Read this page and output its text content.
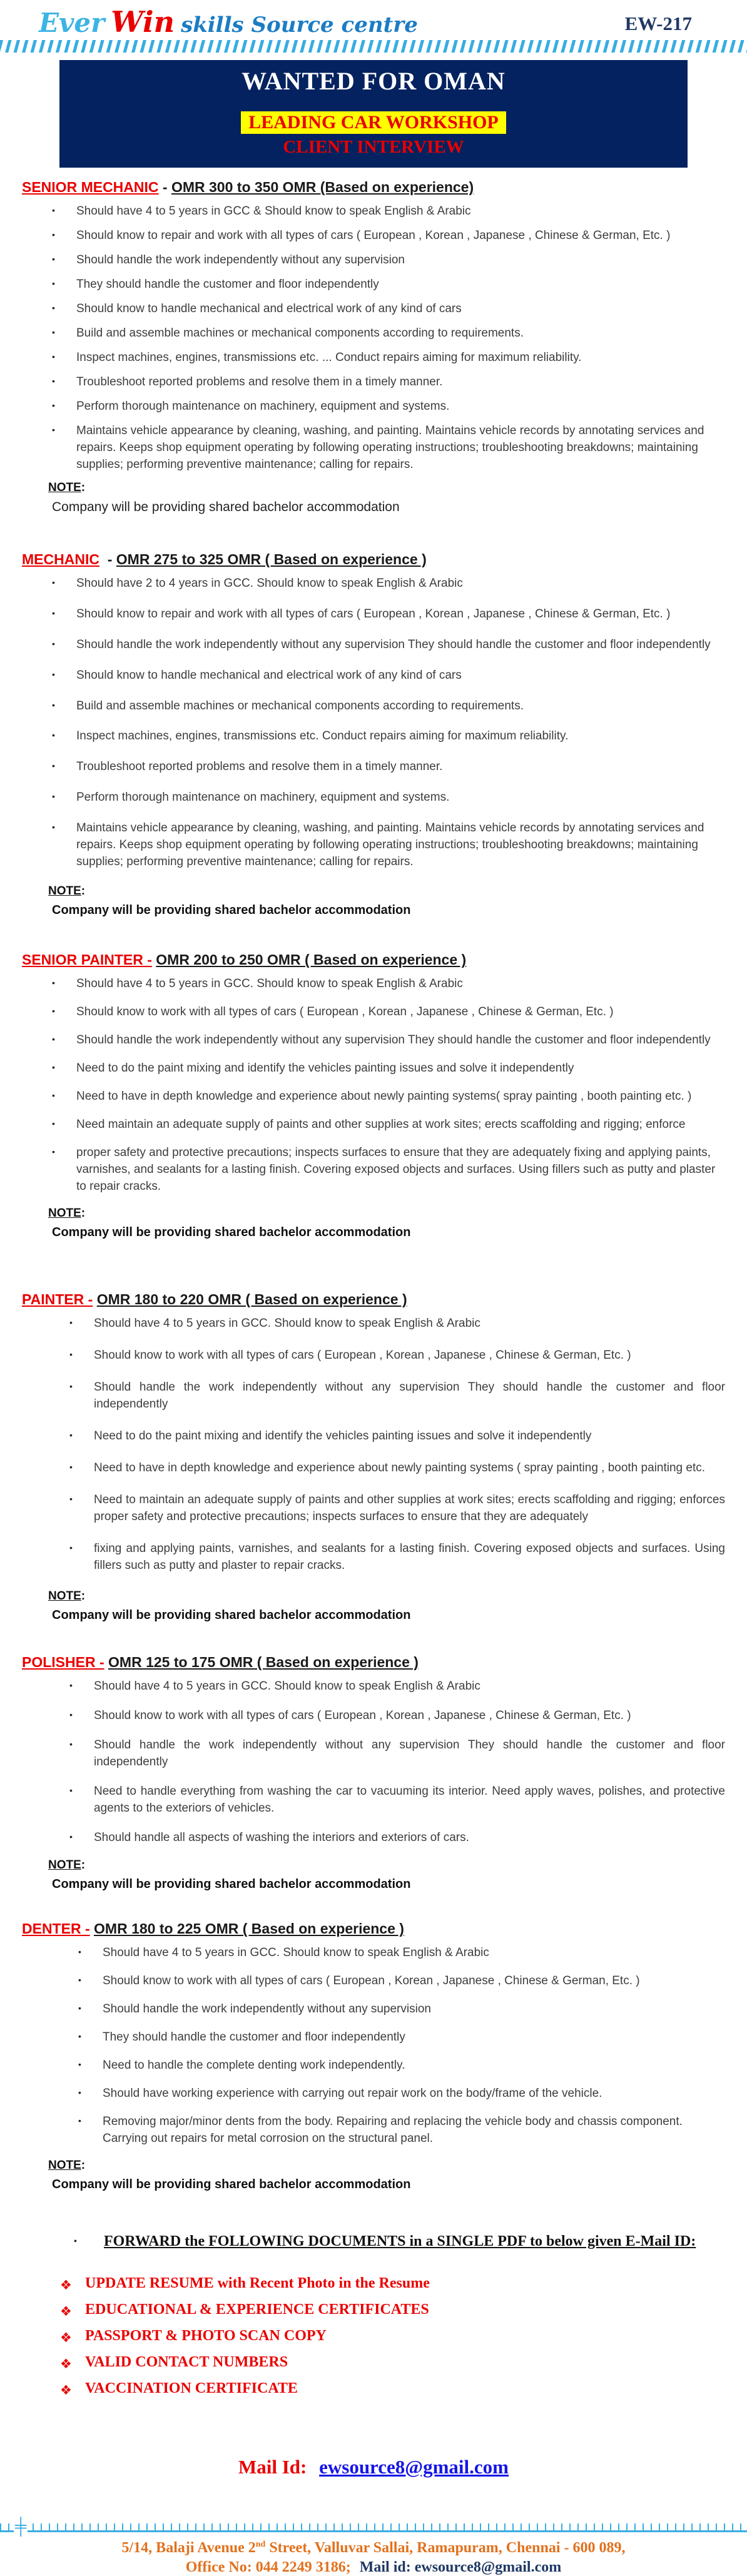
Ever Win skills Source centre	EW-217
WANTED FOR OMAN

LEADING CAR WORKSHOP
CLIENT INTERVIEW
SENIOR MECHANIC - OMR 300 to 350 OMR (Based on experience)
•	Should have 4 to 5 years in GCC & Should know to speak English & Arabic

•	Should know to repair and work with all types of cars ( European , Korean , Japanese , Chinese & German, Etc. )

•	Should handle the work independently without any supervision

•	They should handle the customer and floor independently

•	Should know to handle mechanical and electrical work of any kind of cars

•	Build and assemble machines or mechanical components according to requirements.

•	Inspect machines, engines, transmissions etc. ... Conduct repairs aiming for maximum reliability.

•	Troubleshoot reported problems and resolve them in a timely manner.

•	Perform thorough maintenance on machinery, equipment and systems.

•	Maintains vehicle appearance by cleaning, washing, and painting. Maintains vehicle records by annotating services and repairs. Keeps shop equipment operating by following operating instructions; troubleshooting breakdowns; maintaining supplies; performing preventive maintenance; calling for repairs.

NOTE:

Company will be providing shared bachelor accommodation

MECHANIC  - OMR 275 to 325 OMR ( Based on experience )
•	Should have 2 to 4 years in GCC. Should know to speak English & Arabic

•	Should know to repair and work with all types of cars ( European , Korean , Japanese , Chinese & German, Etc. )

•	Should handle the work independently without any supervision They should handle the customer and floor independently

•	Should know to handle mechanical and electrical work of any kind of cars

•	Build and assemble machines or mechanical components according to requirements.

•	Inspect machines, engines, transmissions etc. Conduct repairs aiming for maximum reliability.

•	Troubleshoot reported problems and resolve them in a timely manner.

•	Perform thorough maintenance on machinery, equipment and systems.

•	Maintains vehicle appearance by cleaning, washing, and painting. Maintains vehicle records by annotating services and repairs. Keeps shop equipment operating by following operating instructions; troubleshooting breakdowns; maintaining supplies; performing preventive maintenance; calling for repairs.

NOTE:

Company will be providing shared bachelor accommodation

SENIOR PAINTER - OMR 200 to 250 OMR ( Based on experience )
•	Should have 4 to 5 years in GCC. Should know to speak English & Arabic

•	Should know to work with all types of cars ( European , Korean , Japanese , Chinese & German, Etc. )

•	Should handle the work independently without any supervision They should handle the customer and floor independently

•	Need to do the paint mixing and identify the vehicles painting issues and solve it independently

•	Need to have in depth knowledge and experience about newly painting systems( spray painting , booth painting etc. )

•	Need maintain an adequate supply of paints and other supplies at work sites; erects scaffolding and rigging; enforce

•	proper safety and protective precautions; inspects surfaces to ensure that they are adequately fixing and applying paints, varnishes, and sealants for a lasting finish. Covering exposed objects and surfaces. Using fillers such as putty and plaster to repair cracks.

NOTE:

Company will be providing shared bachelor accommodation

PAINTER - OMR 180 to 220 OMR ( Based on experience )
•	Should have 4 to 5 years in GCC. Should know to speak English & Arabic

•	Should know to work with all types of cars ( European , Korean , Japanese , Chinese & German, Etc. )

•	Should handle the work independently without any supervision They should handle the customer and floor independently

•	Need to do the paint mixing and identify the vehicles painting issues and solve it independently

•	Need to have in depth knowledge and experience about newly painting systems ( spray painting , booth painting etc.

•	Need to maintain an adequate supply of paints and other supplies at work sites; erects scaffolding and rigging; enforces proper safety and protective precautions; inspects surfaces to ensure that they are adequately

•	fixing and applying paints, varnishes, and sealants for a lasting finish. Covering exposed objects and surfaces. Using fillers such as putty and plaster to repair cracks.

NOTE:

Company will be providing shared bachelor accommodation

POLISHER - OMR 125 to 175 OMR ( Based on experience )
•	Should have 4 to 5 years in GCC. Should know to speak English & Arabic

•	Should know to work with all types of cars ( European , Korean , Japanese , Chinese & German, Etc. )

•	Should handle the work independently without any supervision They should handle the customer and floor independently

•	Need to handle everything from washing the car to vacuuming its interior. Need apply waves, polishes, and protective agents to the exteriors of vehicles.

•	Should handle all aspects of washing the interiors and exteriors of cars.

NOTE:

Company will be providing shared bachelor accommodation

DENTER - OMR 180 to 225 OMR ( Based on experience )
•	Should have 4 to 5 years in GCC. Should know to speak English & Arabic

•	Should know to work with all types of cars ( European , Korean , Japanese , Chinese & German, Etc. )

•	Should handle the work independently without any supervision

•	They should handle the customer and floor independently

•	Need to handle the complete denting work independently.

•	Should have working experience with carrying out repair work on the body/frame of the vehicle.

•	Removing major/minor dents from the body. Repairing and replacing the vehicle body and chassis component. Carrying out repairs for metal corrosion on the structural panel.

NOTE:

Company will be providing shared bachelor accommodation

•	FORWARD the FOLLOWING DOCUMENTS in a SINGLE PDF to below given E-Mail ID:

❖ UPDATE RESUME with Recent Photo in the Resume

❖ EDUCATIONAL & EXPERIENCE CERTIFICATES

❖ PASSPORT & PHOTO SCAN COPY

❖ VALID CONTACT NUMBERS

❖ VACCINATION CERTIFICATE

Mail Id: ewsource8@gmail.com
╪

5/14, Balaji Avenue 2nd Street, Valluvar Sallai, Ramapuram, Chennai - 600 089,

Office No: 044 2249 3186; Mail id: ewsource8@gmail.com
